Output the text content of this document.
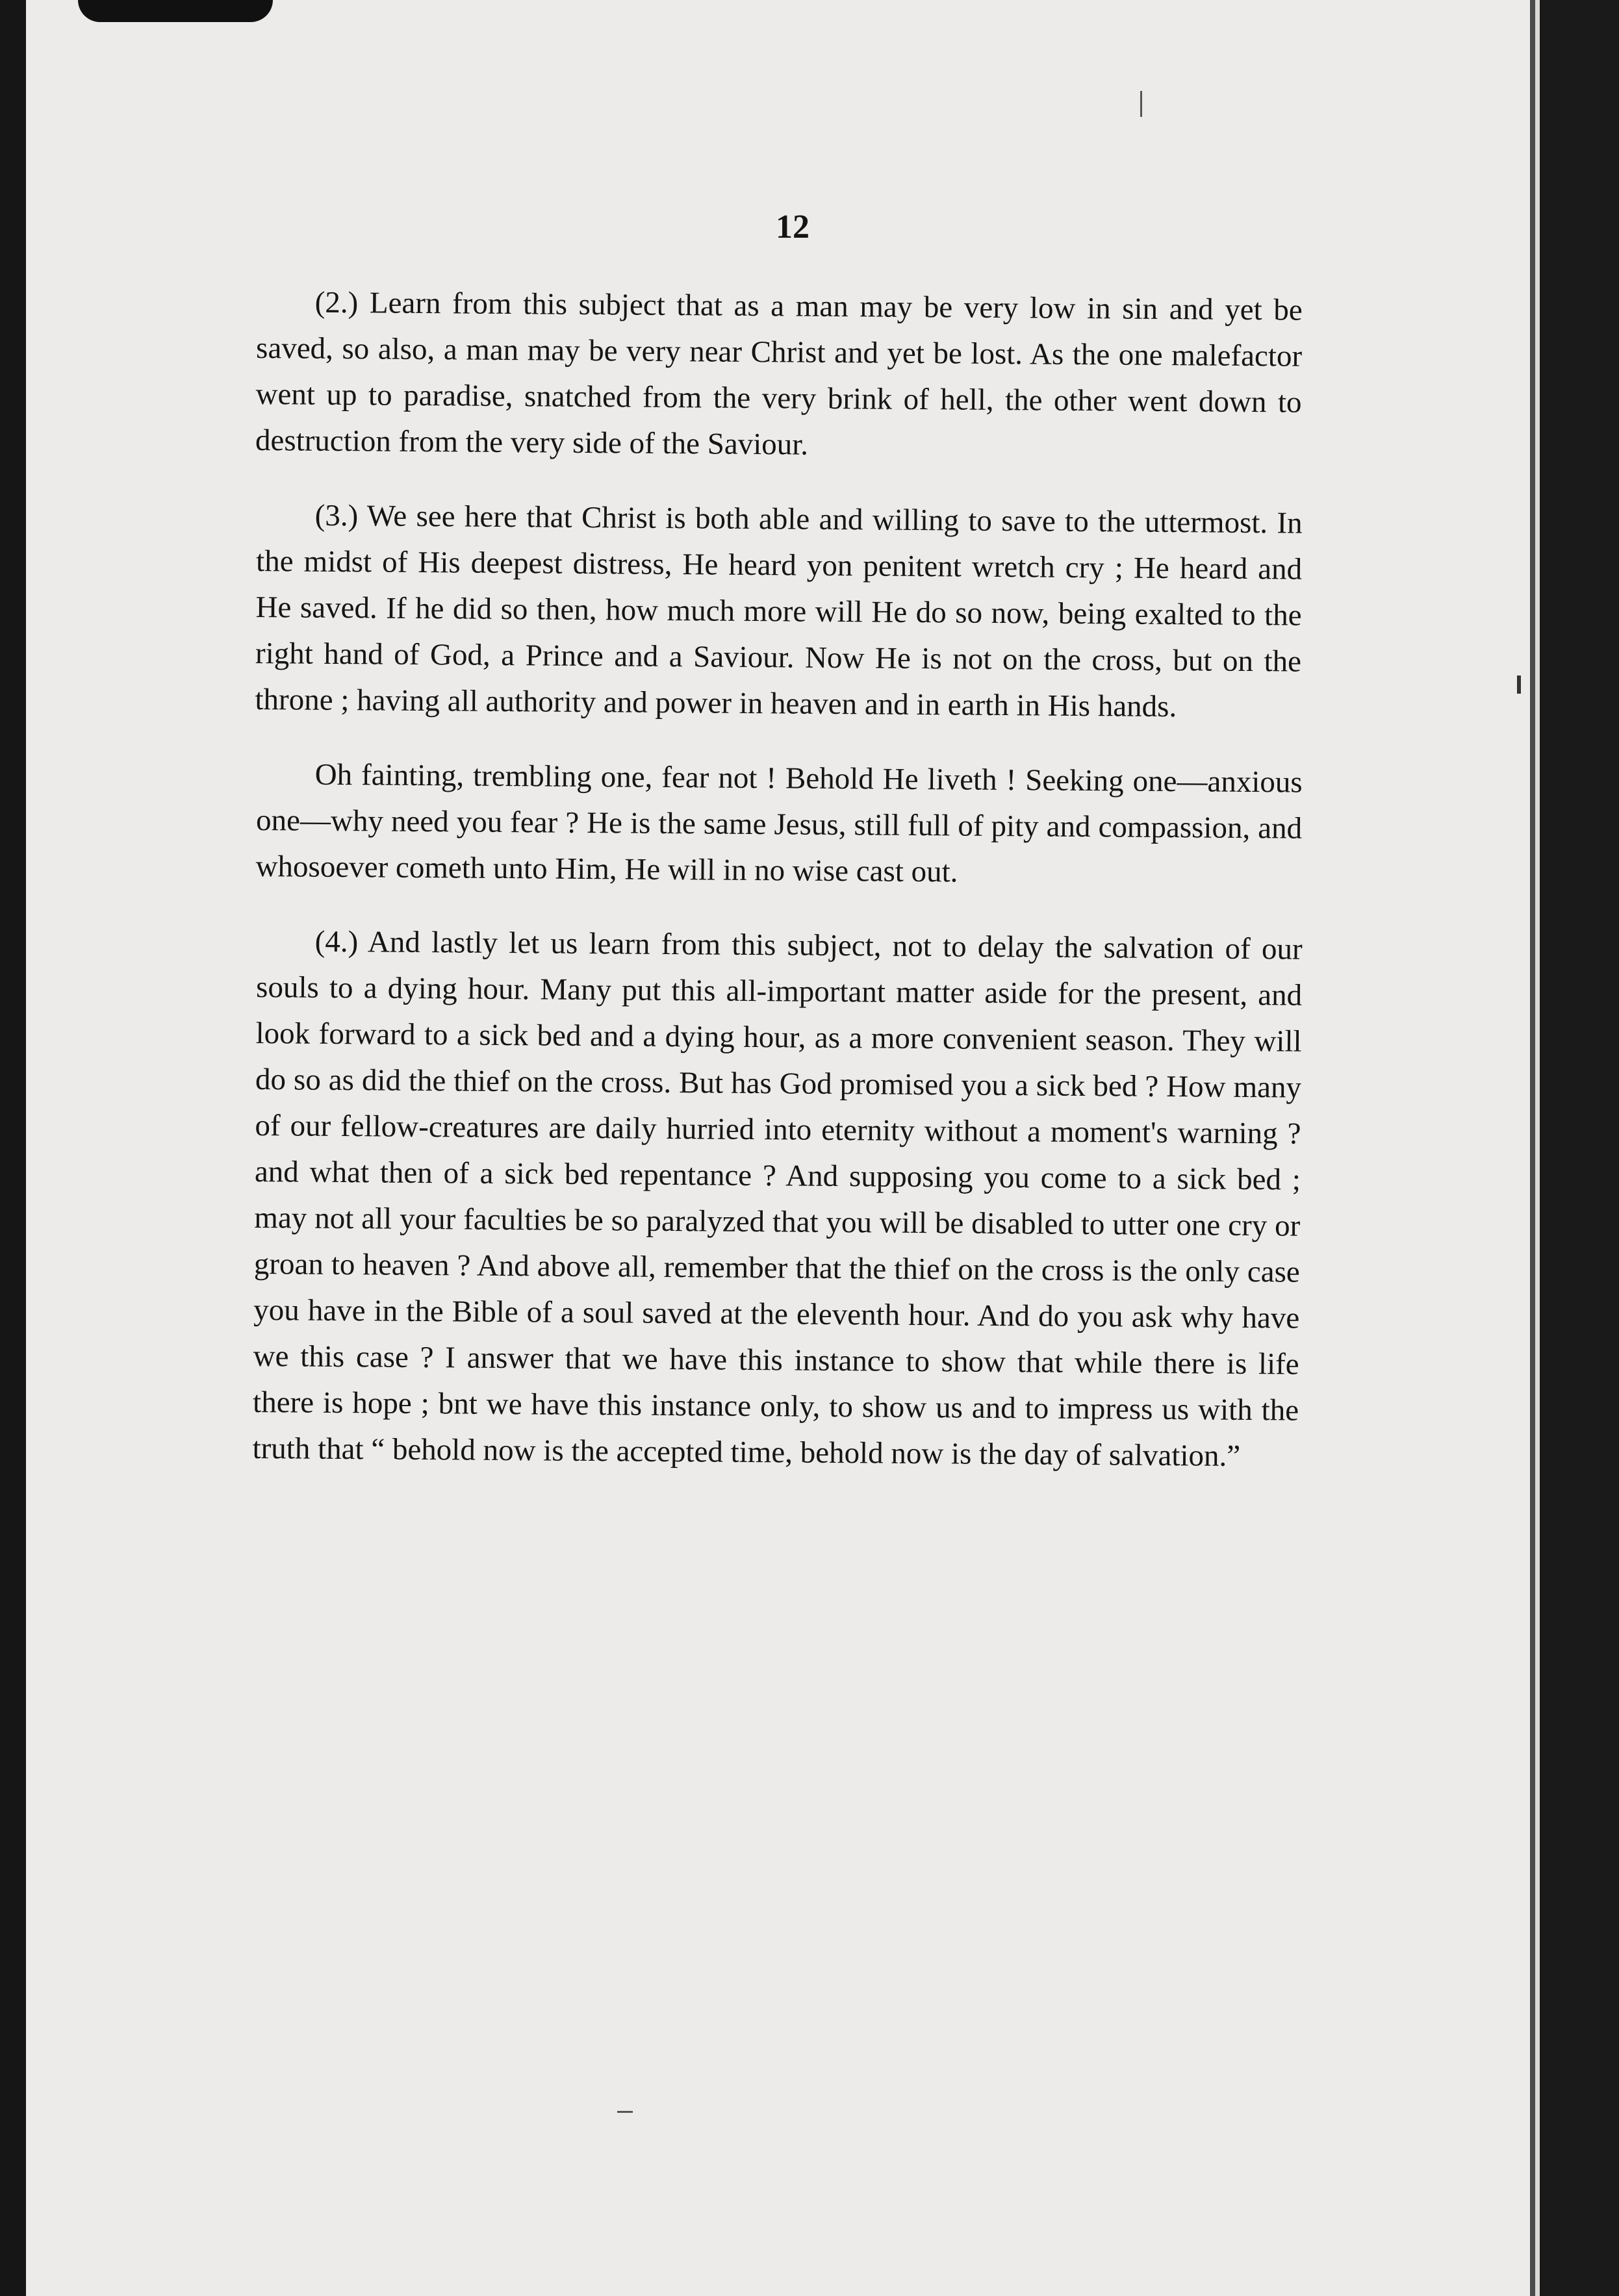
12

(2.) Learn from this subject that as a man may be very low in sin and yet be saved, so also, a man may be very near Christ and yet be lost. As the one malefactor went up to paradise, snatched from the very brink of hell, the other went down to destruction from the very side of the Saviour.

(3.) We see here that Christ is both able and willing to save to the uttermost. In the midst of His deepest distress, He heard yon penitent wretch cry ; He heard and He saved. If he did so then, how much more will He do so now, being exalted to the right hand of God, a Prince and a Saviour. Now He is not on the cross, but on the throne ; having all authority and power in heaven and in earth in His hands.

Oh fainting, trembling one, fear not ! Behold He liveth ! Seeking one—anxious one—why need you fear ? He is the same Jesus, still full of pity and compassion, and whosoever cometh unto Him, He will in no wise cast out.

(4.) And lastly let us learn from this subject, not to delay the salvation of our souls to a dying hour. Many put this all-important matter aside for the present, and look forward to a sick bed and a dying hour, as a more convenient season. They will do so as did the thief on the cross. But has God promised you a sick bed ? How many of our fellow-creatures are daily hurried into eternity without a moment's warning ? and what then of a sick bed repentance ? And supposing you come to a sick bed ; may not all your faculties be so paralyzed that you will be disabled to utter one cry or groan to heaven ? And above all, remember that the thief on the cross is the only case you have in the Bible of a soul saved at the eleventh hour. And do you ask why have we this case ? I answer that we have this instance to show that while there is life there is hope ; bnt we have this instance only, to show us and to impress us with the truth that “ behold now is the accepted time, behold now is the day of salvation.”
